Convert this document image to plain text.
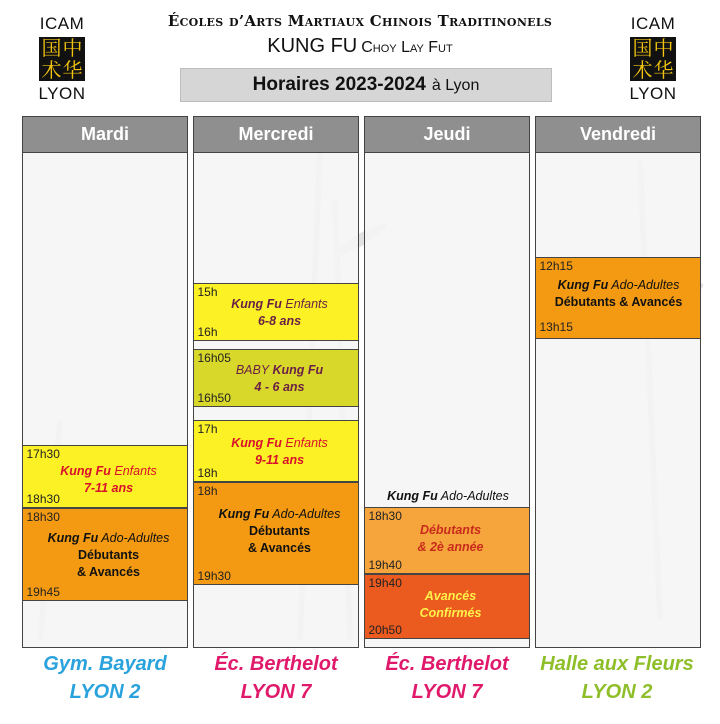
ICAM
国 中
术 华
LYON
ICAM
国 中
术 华
LYON
Écoles d’Arts Martiaux Chinois Traditinonels
KUNG FU Choy Lay Fut
Horaires 2023-2024 à Lyon
Mardi
17h30
Kung Fu Enfants
7-11 ans
18h30
18h30
Kung Fu Ado-Adultes
Débutants
& Avancés
19h45
Mercredi
15h
Kung Fu Enfants
6-8 ans
16h
16h05
BABY Kung Fu
4 - 6 ans
16h50
17h
Kung Fu Enfants
9-11 ans
18h
18h
Kung Fu Ado-Adultes
Débutants
& Avancés
19h30
Jeudi
Kung Fu Ado-Adultes
18h30
Débutants
& 2è année
19h40
19h40
Avancés
Confirmés
20h50
Vendredi
12h15
Kung Fu Ado-Adultes
Débutants & Avancés
13h15
Gym. Bayard
LYON 2
Éc. Berthelot
LYON 7
Éc. Berthelot
LYON 7
Halle aux Fleurs
LYON 2
